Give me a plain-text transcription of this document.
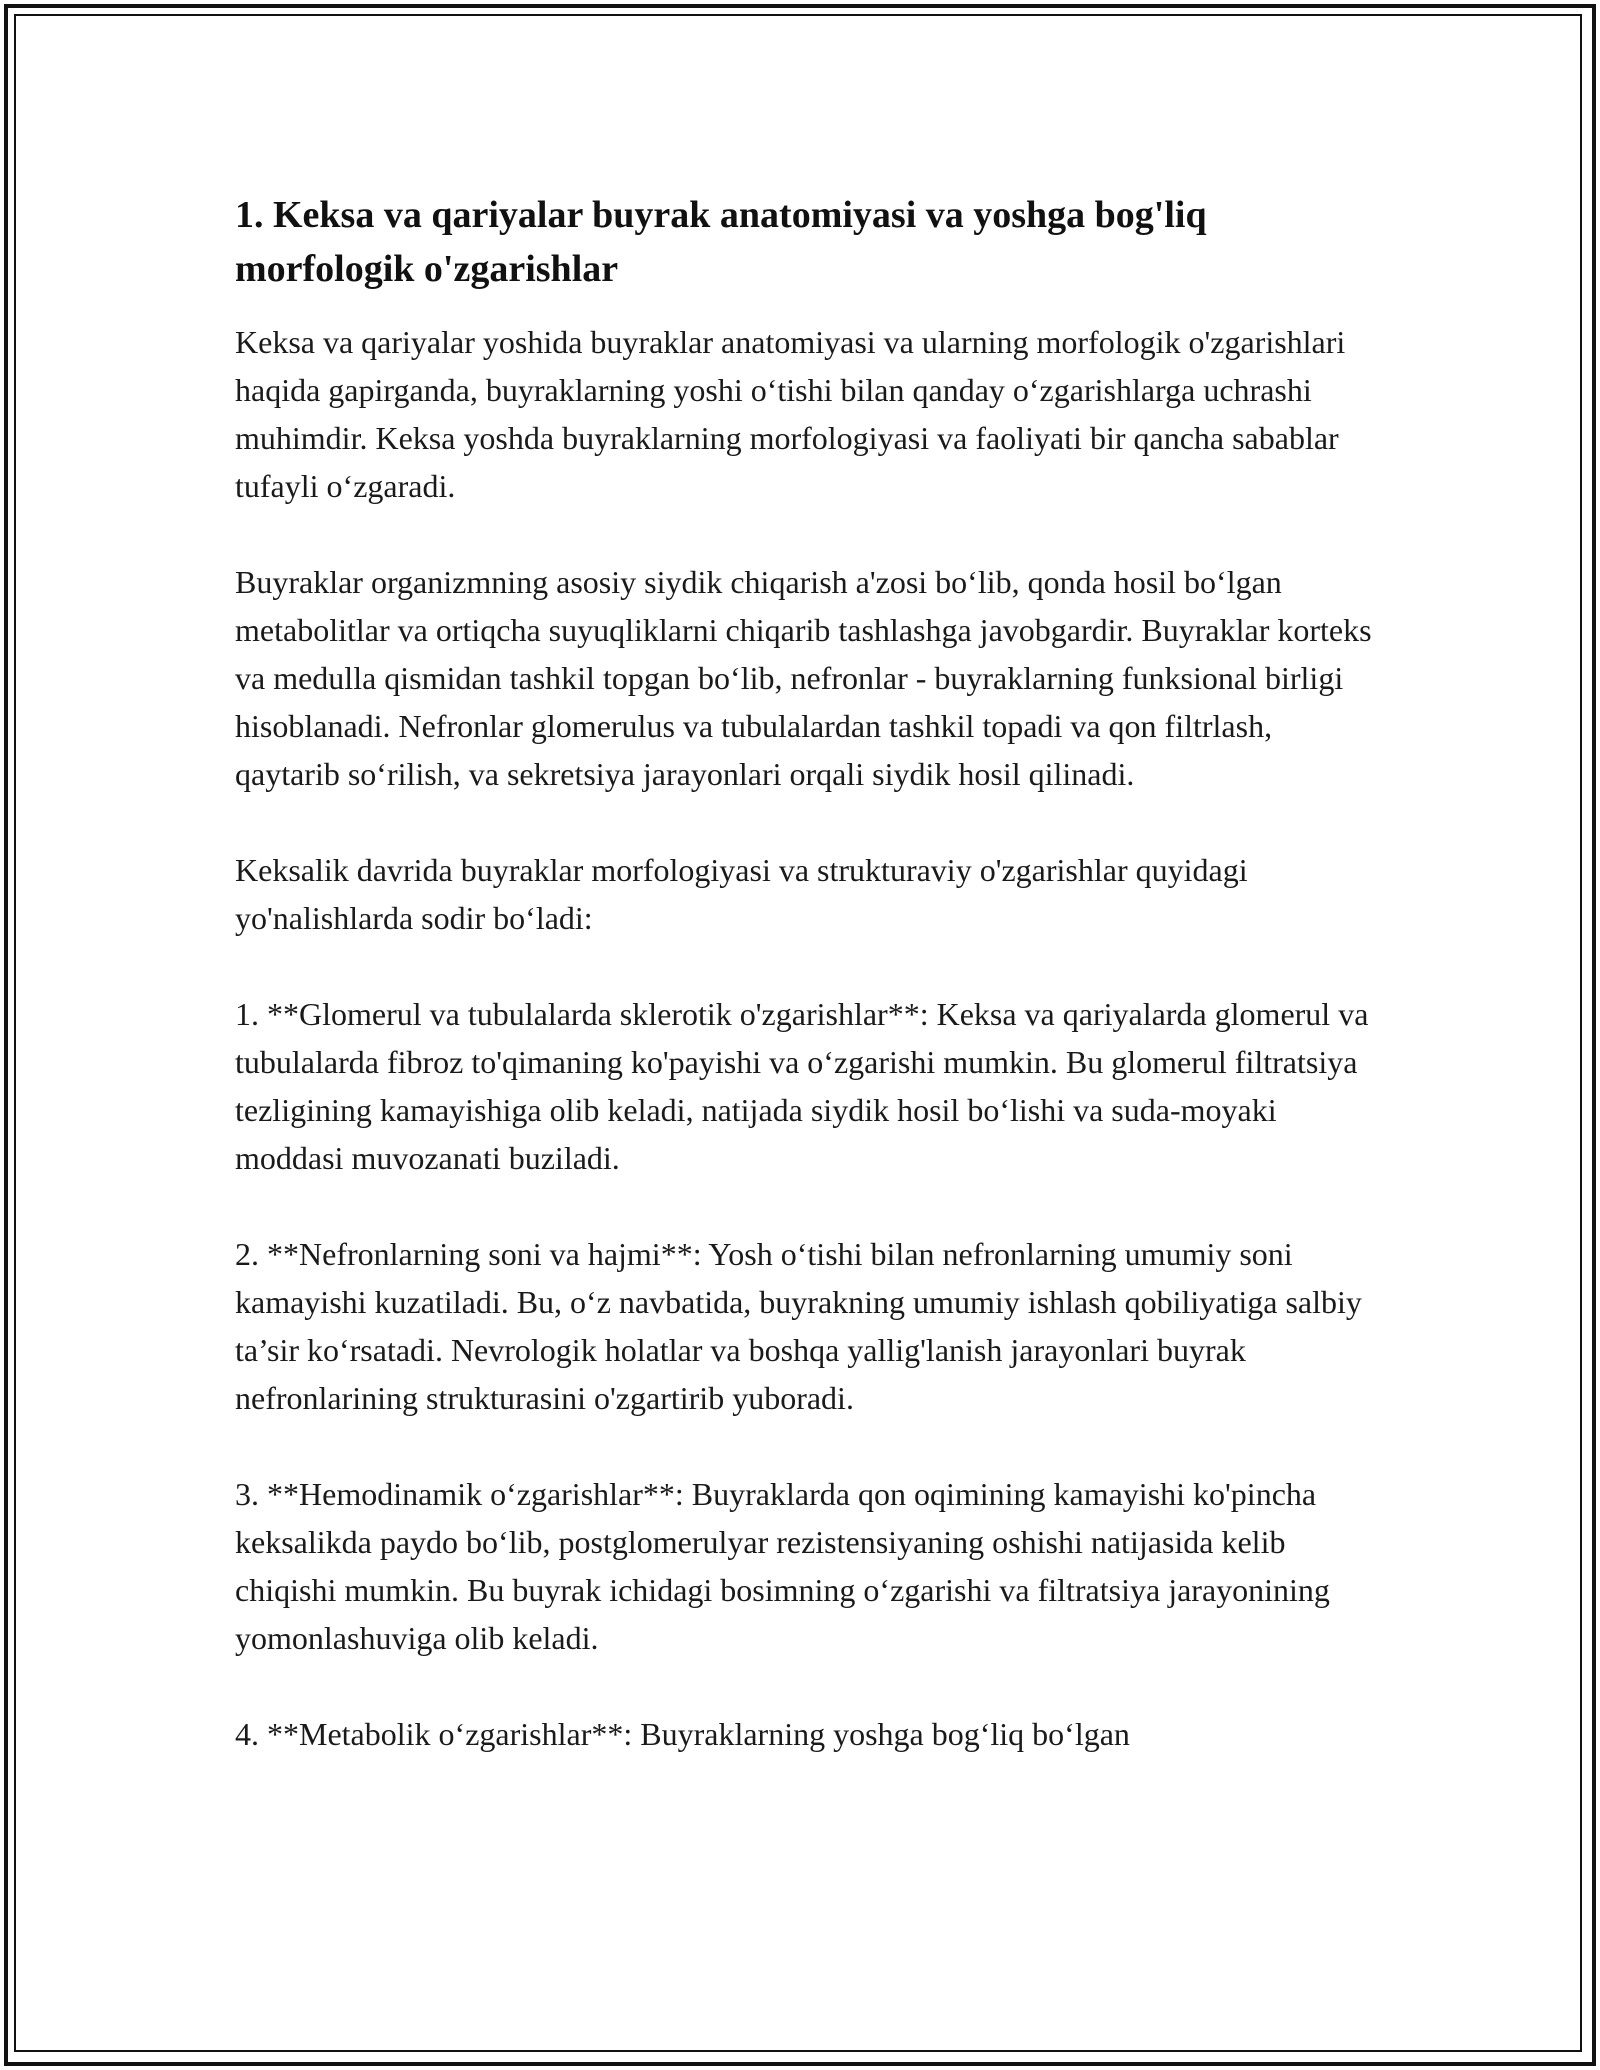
1. Keksa va qariyalar buyrak anatomiyasi va yoshga bog'liq morfologik o'zgarishlar

Keksa va qariyalar yoshida buyraklar anatomiyasi va ularning morfologik o'zgarishlari haqida gapirganda, buyraklarning yoshi o‘tishi bilan qanday o‘zgarishlarga uchrashi muhimdir. Keksa yoshda buyraklarning morfologiyasi va faoliyati bir qancha sabablar tufayli o‘zgaradi.

Buyraklar organizmning asosiy siydik chiqarish a'zosi bo‘lib, qonda hosil bo‘lgan metabolitlar va ortiqcha suyuqliklarni chiqarib tashlashga javobgardir. Buyraklar korteks va medulla qismidan tashkil topgan bo‘lib, nefronlar - buyraklarning funksional birligi hisoblanadi. Nefronlar glomerulus va tubulalardan tashkil topadi va qon filtrlash, qaytarib so‘rilish, va sekretsiya jarayonlari orqali siydik hosil qilinadi.

Keksalik davrida buyraklar morfologiyasi va strukturaviy o'zgarishlar quyidagi yo'nalishlarda sodir bo‘ladi:

1. **Glomerul va tubulalarda sklerotik o'zgarishlar**: Keksa va qariyalarda glomerul va tubulalarda fibroz to'qimaning ko'payishi va o‘zgarishi mumkin. Bu glomerul filtratsiya tezligining kamayishiga olib keladi, natijada siydik hosil bo‘lishi va suda-moyaki moddasi muvozanati buziladi.

2. **Nefronlarning soni va hajmi**: Yosh o‘tishi bilan nefronlarning umumiy soni kamayishi kuzatiladi. Bu, o‘z navbatida, buyrakning umumiy ishlash qobiliyatiga salbiy ta’sir ko‘rsatadi. Nevrologik holatlar va boshqa yallig'lanish jarayonlari buyrak nefronlarining strukturasini o'zgartirib yuboradi.

3. **Hemodinamik o‘zgarishlar**: Buyraklarda qon oqimining kamayishi ko'pincha keksalikda paydo bo‘lib, postglomerulyar rezistensiyaning oshishi natijasida kelib chiqishi mumkin. Bu buyrak ichidagi bosimning o‘zgarishi va filtratsiya jarayonining yomonlashuviga olib keladi.

4. **Metabolik o‘zgarishlar**: Buyraklarning yoshga bog‘liq bo‘lgan
